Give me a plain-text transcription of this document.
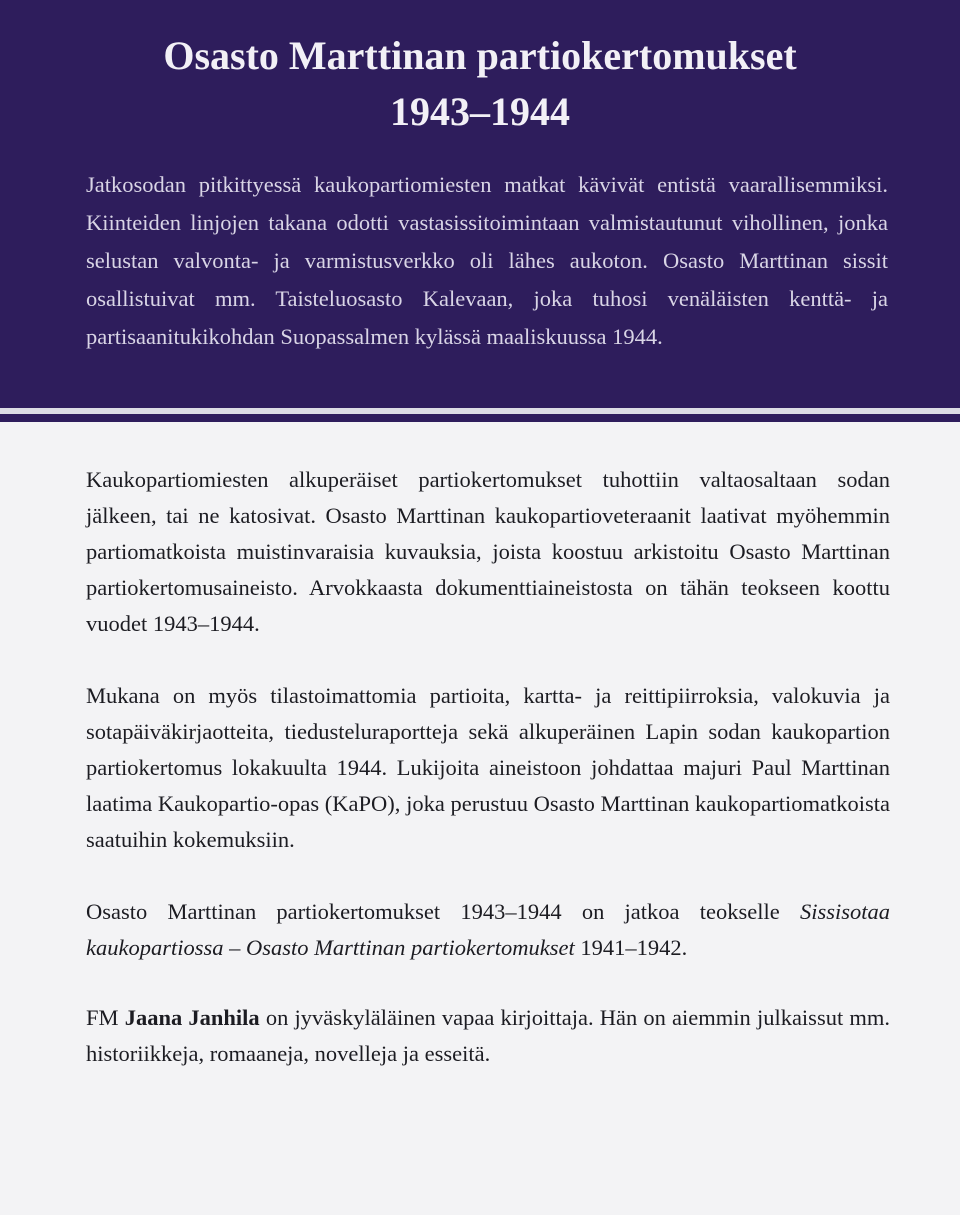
Osasto Marttinan partiokertomukset
1943–1944

Jatkosodan pitkittyessä kaukopartiomiesten matkat kävivät entistä vaarallisemmiksi. Kiinteiden linjojen takana odotti vastasissitoimintaan valmistautunut vihollinen, jonka selustan valvonta- ja varmistusverkko oli lähes aukoton. Osasto Marttinan sissit osallistuivat mm. Taisteluosasto Kalevaan, joka tuhosi venäläisten kenttä- ja partisaanitukikohdan Suopassalmen kylässä maaliskuussa 1944.

Kaukopartiomiesten alkuperäiset partiokertomukset tuhottiin valtaosaltaan sodan jälkeen, tai ne katosivat. Osasto Marttinan kaukopartioveteraanit laativat myöhemmin partiomatkoista muistinvaraisia kuvauksia, joista koostuu arkistoitu Osasto Marttinan partiokertomusaineisto. Arvokkaasta dokumenttiaineistosta on tähän teokseen koottu vuodet 1943–1944.

Mukana on myös tilastoimattomia partioita, kartta- ja reittipiirroksia, valokuvia ja sotapäiväkirjaotteita, tiedusteluraportteja sekä alkuperäinen Lapin sodan kaukopartion partiokertomus lokakuulta 1944. Lukijoita aineistoon johdattaa majuri Paul Marttinan laatima Kaukopartio-opas (KaPO), joka perustuu Osasto Marttinan kaukopartiomatkoista saatuihin kokemuksiin.

Osasto Marttinan partiokertomukset 1943–1944 on jatkoa teokselle Sissisotaa kaukopartiossa – Osasto Marttinan partiokertomukset 1941–1942.

FM Jaana Janhila on jyväskyläläinen vapaa kirjoittaja. Hän on aiemmin julkaissut mm. historiikkeja, romaaneja, novelleja ja esseitä.
